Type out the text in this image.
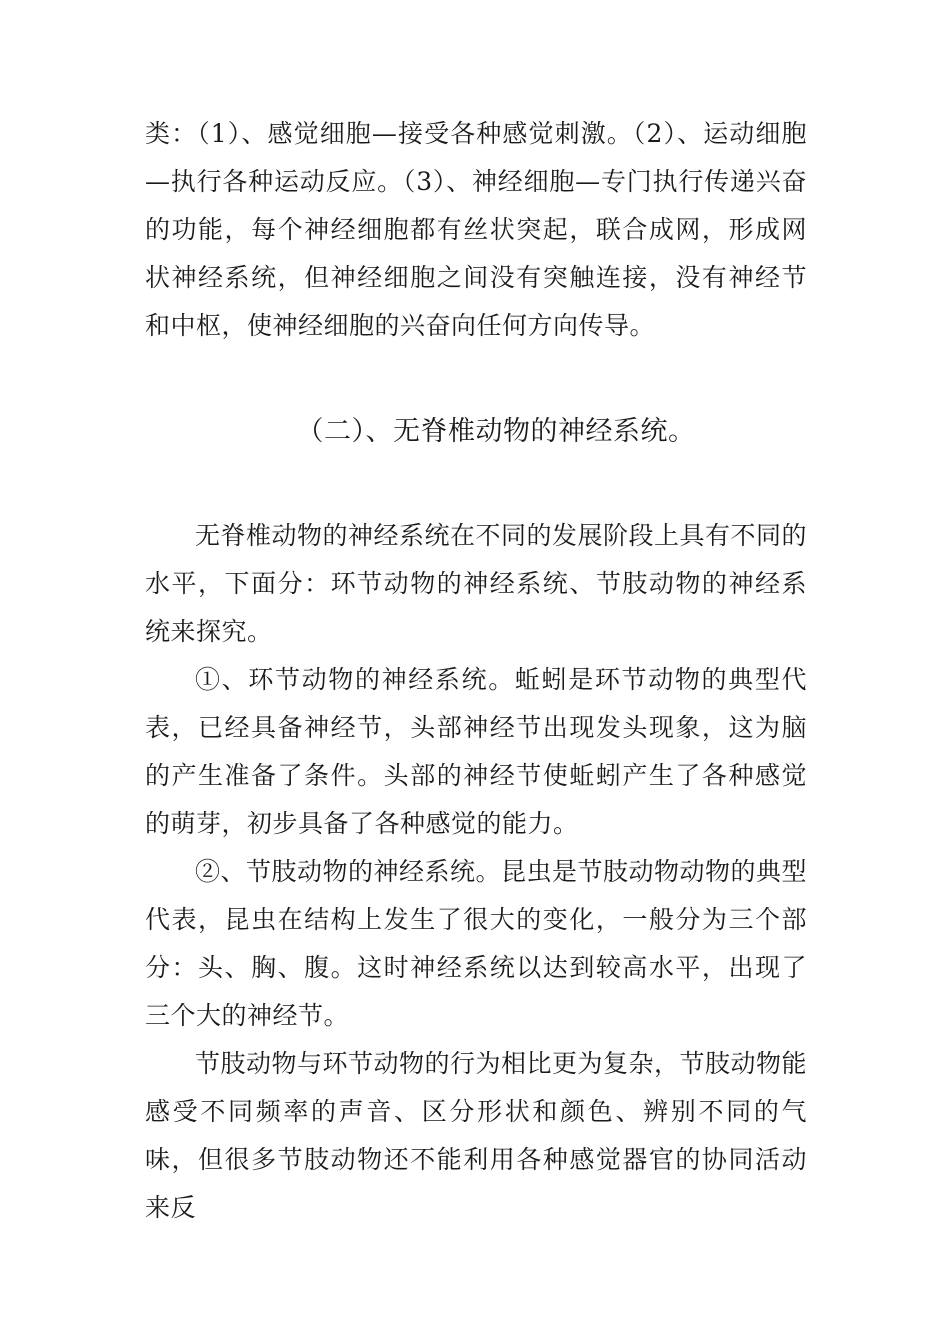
类：（1）、感觉细胞—接受各种感觉刺激。（2）、运动细胞—执行各种运动反应。（3）、神经细胞—专门执行传递兴奋的功能，每个神经细胞都有丝状突起，联合成网，形成网状神经系统，但神经细胞之间没有突触连接，没有神经节和中枢，使神经细胞的兴奋向任何方向传导。

（二）、无脊椎动物的神经系统。

无脊椎动物的神经系统在不同的发展阶段上具有不同的水平，下面分：环节动物的神经系统、节肢动物的神经系统来探究。

①、环节动物的神经系统。蚯蚓是环节动物的典型代表，已经具备神经节，头部神经节出现发头现象，这为脑的产生准备了条件。头部的神经节使蚯蚓产生了各种感觉的萌芽，初步具备了各种感觉的能力。

②、节肢动物的神经系统。昆虫是节肢动物动物的典型代表，昆虫在结构上发生了很大的变化，一般分为三个部分：头、胸、腹。这时神经系统以达到较高水平，出现了三个大的神经节。

节肢动物与环节动物的行为相比更为复杂，节肢动物能感受不同频率的声音、区分形状和颜色、辨别不同的气味，但很多节肢动物还不能利用各种感觉器官的协同活动来反
